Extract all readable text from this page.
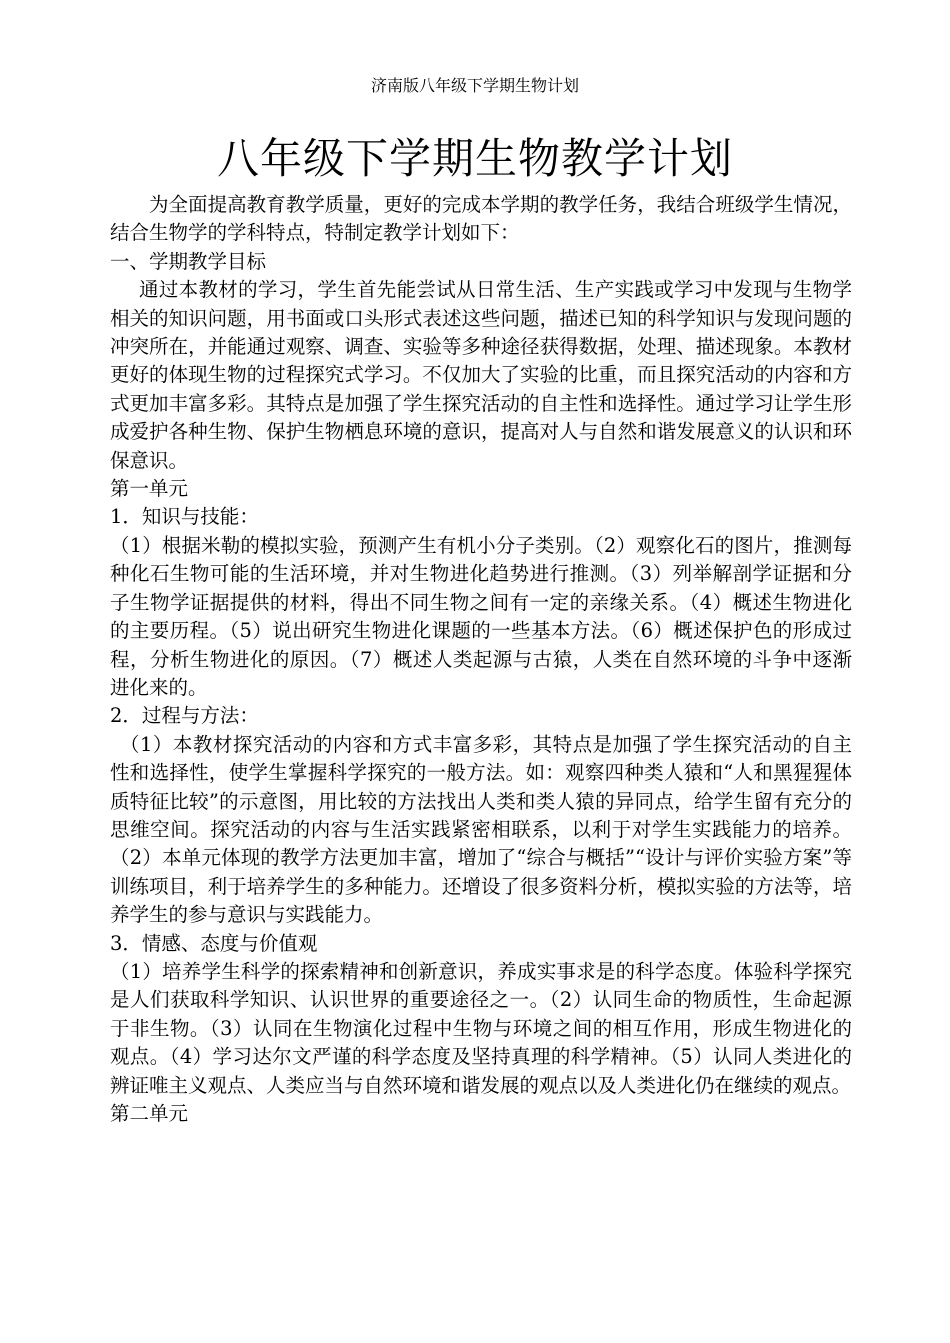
济南版八年级下学期生物计划
八年级下学期生物教学计划

为全面提高教育教学质量，更好的完成本学期的教学任务，我结合班级学生情况，结合生物学的学科特点，特制定教学计划如下：

一、学期教学目标

通过本教材的学习，学生首先能尝试从日常生活、生产实践或学习中发现与生物学相关的知识问题，用书面或口头形式表述这些问题，描述已知的科学知识与发现问题的冲突所在，并能通过观察、调查、实验等多种途径获得数据，处理、描述现象。本教材更好的体现生物的过程探究式学习。不仅加大了实验的比重，而且探究活动的内容和方式更加丰富多彩。其特点是加强了学生探究活动的自主性和选择性。通过学习让学生形成爱护各种生物、保护生物栖息环境的意识，提高对人与自然和谐发展意义的认识和环保意识。

第一单元

1．知识与技能：

（1）根据米勒的模拟实验，预测产生有机小分子类别。（2）观察化石的图片，推测每种化石生物可能的生活环境，并对生物进化趋势进行推测。（3）列举解剖学证据和分子生物学证据提供的材料，得出不同生物之间有一定的亲缘关系。（4）概述生物进化的主要历程。（5）说出研究生物进化课题的一些基本方法。（6）概述保护色的形成过程，分析生物进化的原因。（7）概述人类起源与古猿，人类在自然环境的斗争中逐渐进化来的。

2．过程与方法：

（1）本教材探究活动的内容和方式丰富多彩，其特点是加强了学生探究活动的自主性和选择性，使学生掌握科学探究的一般方法。如：观察四种类人猿和“人和黑猩猩体质特征比较”的示意图，用比较的方法找出人类和类人猿的异同点，给学生留有充分的思维空间。探究活动的内容与生活实践紧密相联系，以利于对学生实践能力的培养。（2）本单元体现的教学方法更加丰富，增加了“综合与概括”“设计与评价实验方案”等训练项目，利于培养学生的多种能力。还增设了很多资料分析，模拟实验的方法等，培养学生的参与意识与实践能力。

3．情感、态度与价值观

（1）培养学生科学的探索精神和创新意识，养成实事求是的科学态度。体验科学探究是人们获取科学知识、认识世界的重要途径之一。（2）认同生命的物质性，生命起源于非生物。（3）认同在生物演化过程中生物与环境之间的相互作用，形成生物进化的观点。（4）学习达尔文严谨的科学态度及坚持真理的科学精神。（5）认同人类进化的辨证唯主义观点、人类应当与自然环境和谐发展的观点以及人类进化仍在继续的观点。

第二单元
